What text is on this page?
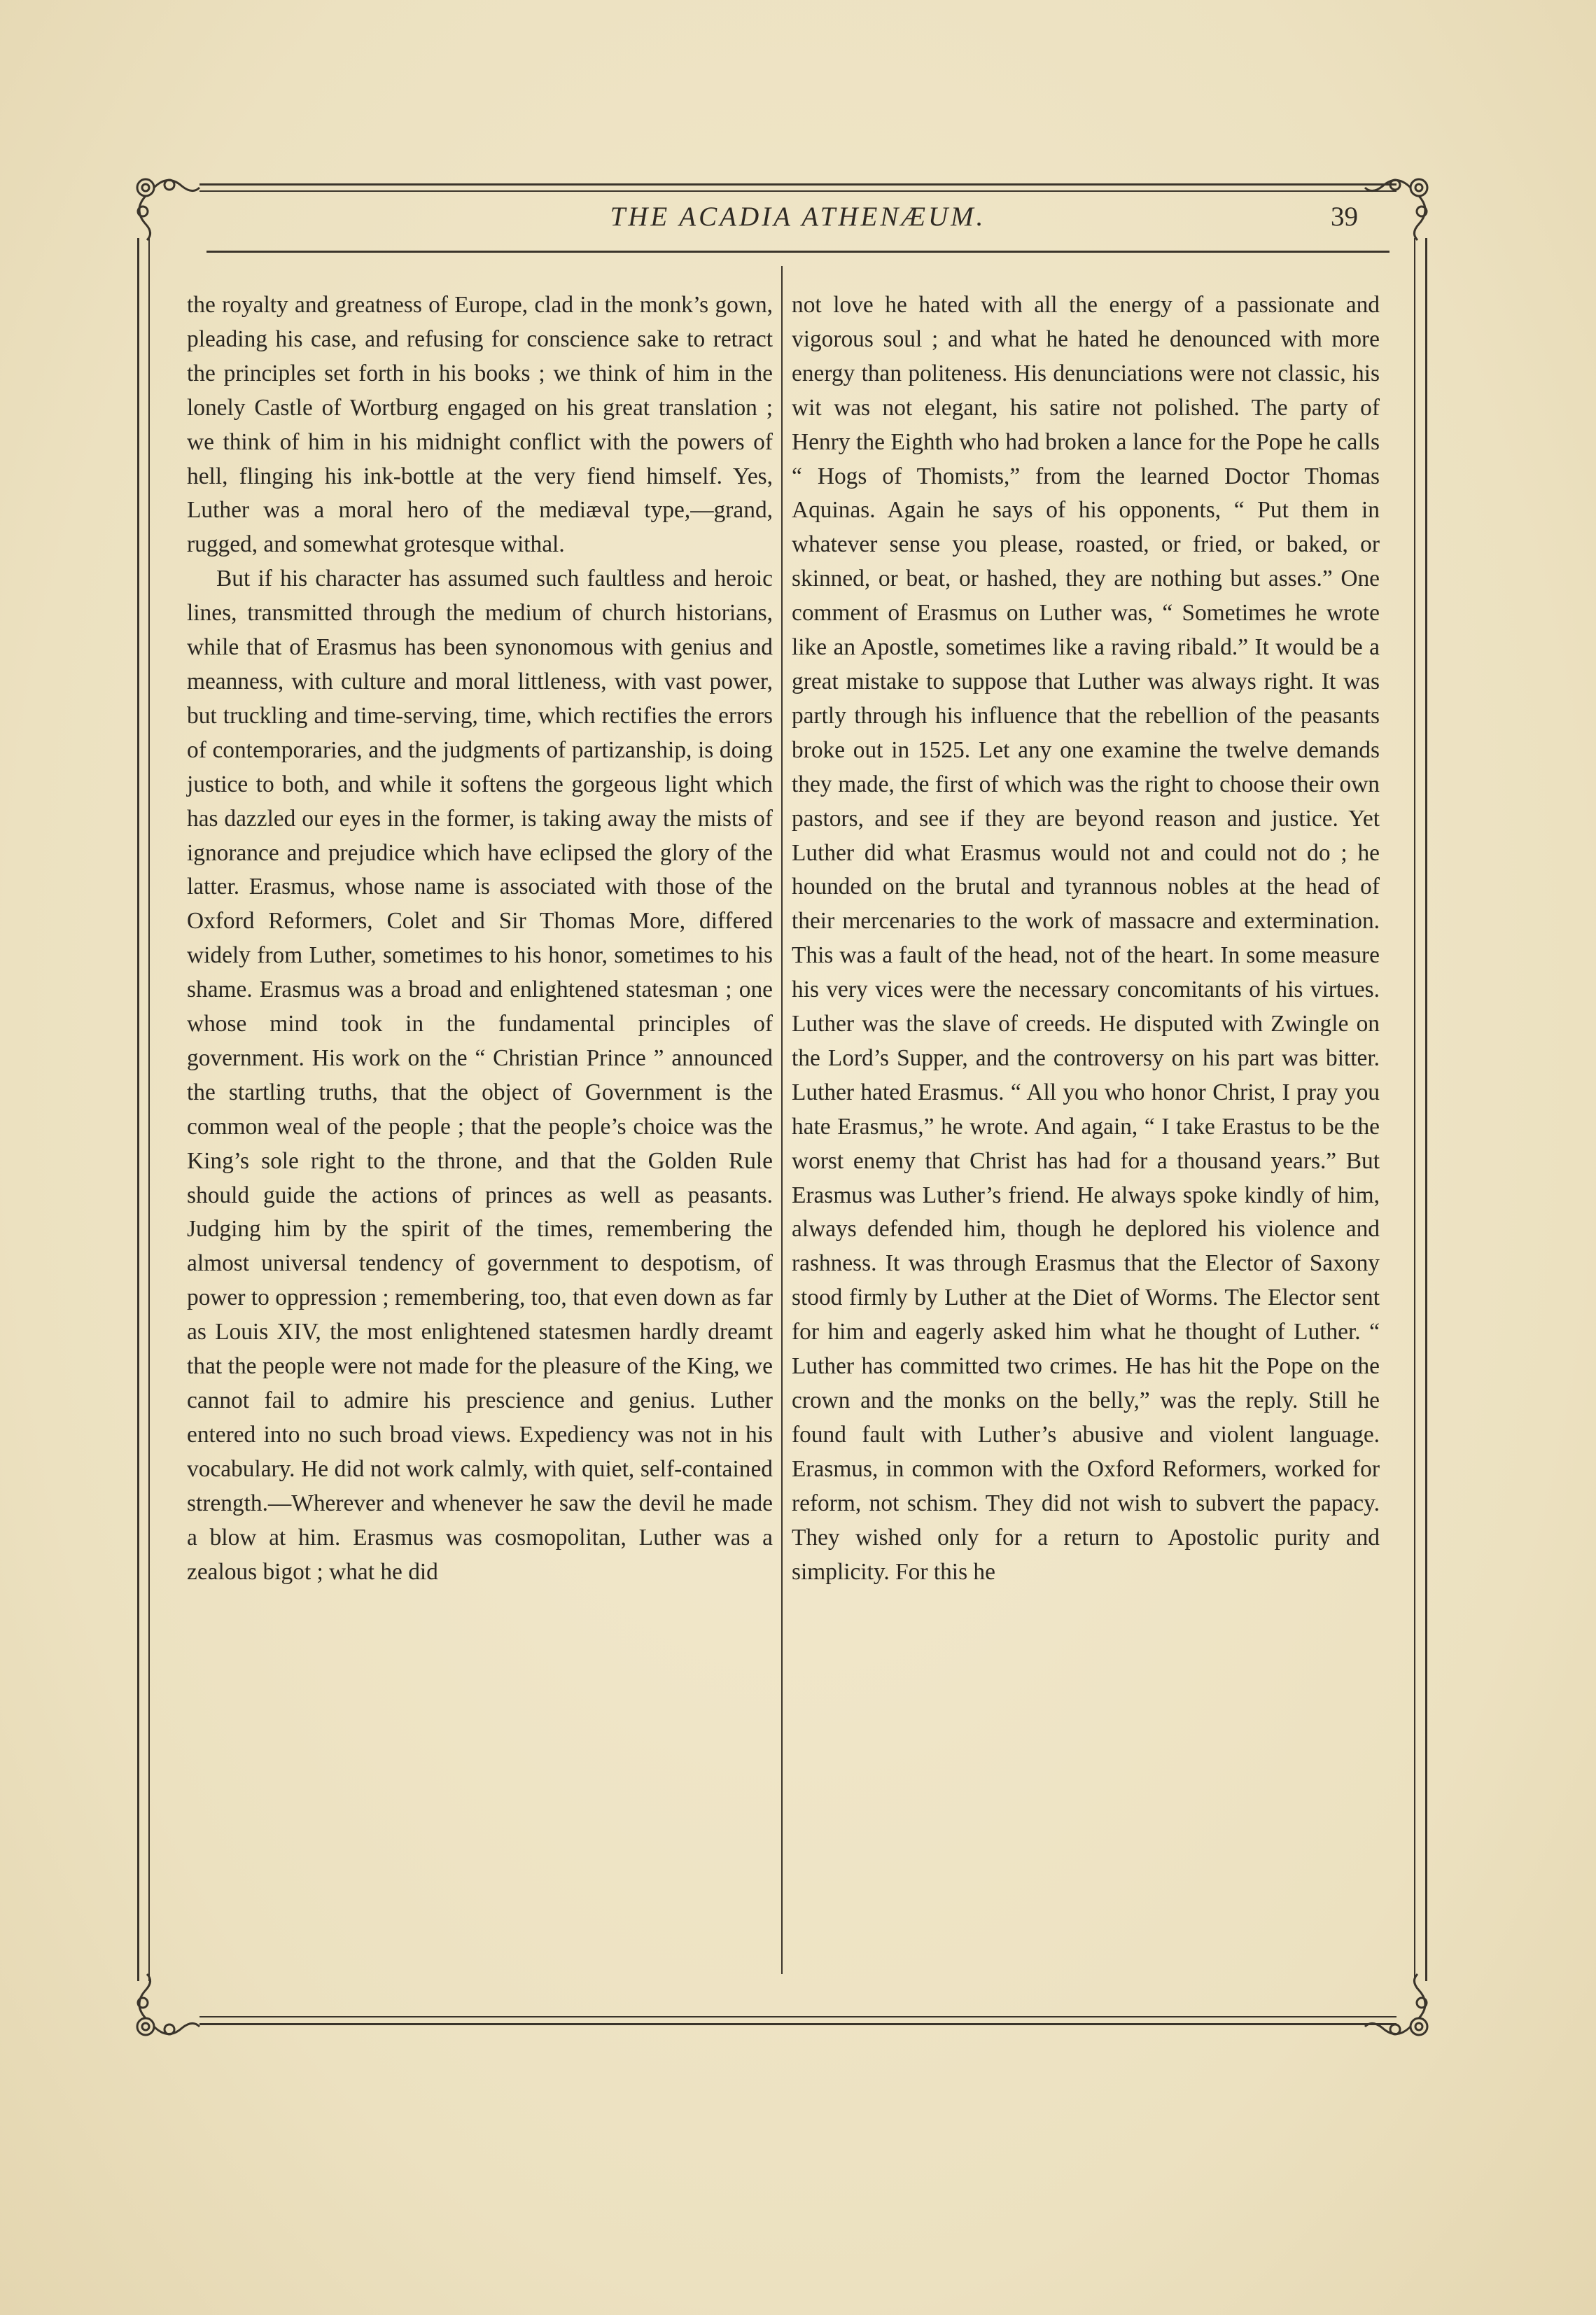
THE ACADIA ATHENÆUM.	39

the royalty and greatness of Europe, clad in the monk’s gown, pleading his case, and refusing for conscience sake to retract the principles set forth in his books ; we think of him in the lonely Castle of Wortburg engaged on his great translation ; we think of him in his midnight conflict with the powers of hell, flinging his ink-bottle at the very fiend himself. Yes, Luther was a moral hero of the mediæval type,—grand, rugged, and somewhat grotesque withal.

But if his character has assumed such faultless and heroic lines, transmitted through the medium of church historians, while that of Erasmus has been synonomous with genius and meanness, with culture and moral littleness, with vast power, but truckling and time-serving, time, which rectifies the errors of contemporaries, and the judgments of partizanship, is doing justice to both, and while it softens the gorgeous light which has dazzled our eyes in the former, is taking away the mists of ignorance and prejudice which have eclipsed the glory of the latter. Erasmus, whose name is associated with those of the Oxford Reformers, Colet and Sir Thomas More, differed widely from Luther, sometimes to his honor, sometimes to his shame. Erasmus was a broad and enlightened statesman ; one whose mind took in the fundamental principles of government. His work on the “ Christian Prince ” announced the startling truths, that the object of Government is the common weal of the people ; that the people’s choice was the King’s sole right to the throne, and that the Golden Rule should guide the actions of princes as well as peasants. Judging him by the spirit of the times, remembering the almost universal tendency of government to despotism, of power to oppression ; remembering, too, that even down as far as Louis XIV, the most enlightened statesmen hardly dreamt that the people were not made for the pleasure of the King, we cannot fail to admire his prescience and genius. Luther entered into no such broad views. Expediency was not in his vocabulary. He did not work calmly, with quiet, self-contained strength.—Wherever and whenever he saw the devil he made a blow at him. Erasmus was cosmopolitan, Luther was a zealous bigot ; what he did

not love he hated with all the energy of a passionate and vigorous soul ; and what he hated he denounced with more energy than politeness. His denunciations were not classic, his wit was not elegant, his satire not polished. The party of Henry the Eighth who had broken a lance for the Pope he calls “ Hogs of Thomists,” from the learned Doctor Thomas Aquinas. Again he says of his opponents, “ Put them in whatever sense you please, roasted, or fried, or baked, or skinned, or beat, or hashed, they are nothing but asses.” One comment of Erasmus on Luther was, “ Sometimes he wrote like an Apostle, sometimes like a raving ribald.” It would be a great mistake to suppose that Luther was always right. It was partly through his influence that the rebellion of the peasants broke out in 1525. Let any one examine the twelve demands they made, the first of which was the right to choose their own pastors, and see if they are beyond reason and justice. Yet Luther did what Erasmus would not and could not do ; he hounded on the brutal and tyrannous nobles at the head of their mercenaries to the work of massacre and extermination. This was a fault of the head, not of the heart. In some measure his very vices were the necessary concomitants of his virtues. Luther was the slave of creeds. He disputed with Zwingle on the Lord’s Supper, and the controversy on his part was bitter. Luther hated Erasmus. “ All you who honor Christ, I pray you hate Erasmus,” he wrote. And again, “ I take Erastus to be the worst enemy that Christ has had for a thousand years.” But Erasmus was Luther’s friend. He always spoke kindly of him, always defended him, though he deplored his violence and rashness. It was through Erasmus that the Elector of Saxony stood firmly by Luther at the Diet of Worms. The Elector sent for him and eagerly asked him what he thought of Luther. “ Luther has committed two crimes. He has hit the Pope on the crown and the monks on the belly,” was the reply. Still he found fault with Luther’s abusive and violent language. Erasmus, in common with the Oxford Reformers, worked for reform, not schism. They did not wish to subvert the papacy. They wished only for a return to Apostolic purity and simplicity. For this he
